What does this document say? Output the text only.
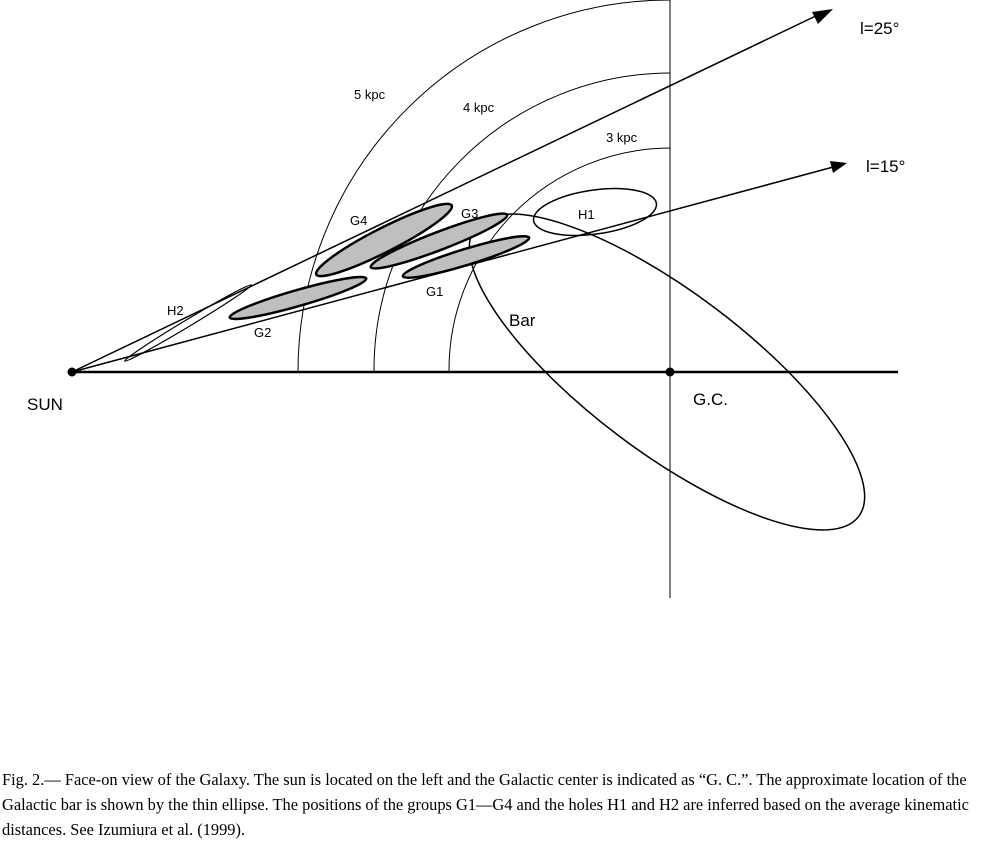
5 kpc
4 kpc
3 kpc
l=25°
l=15°
G4	G3
G1
G2
H1
H2
Bar
SUN	G.C.

Fig. 2.— Face-on view of the Galaxy. The sun is located on the left and the Galactic center is indicated as “G. C.”. The approximate location of the Galactic bar is shown by the thin ellipse. The positions of the groups G1—G4 and the holes H1 and H2 are inferred based on the average kinematic distances. See Izumiura et al. (1999).
